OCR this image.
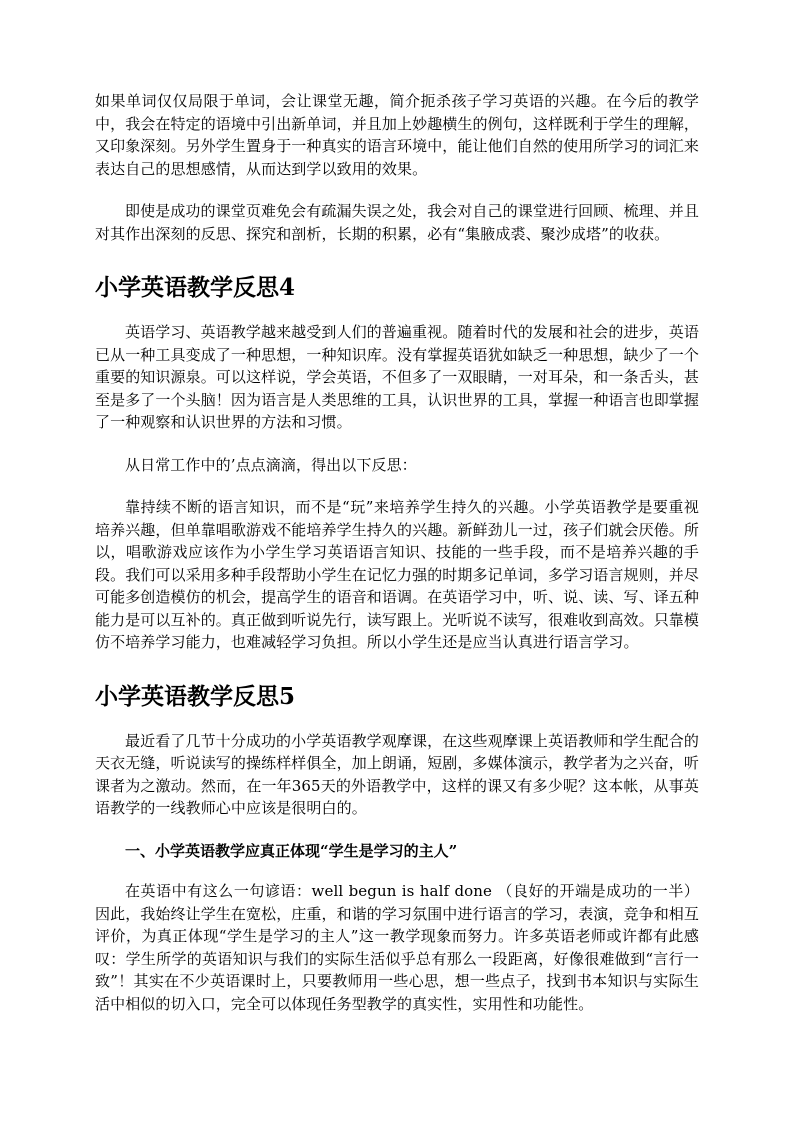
如果单词仅仅局限于单词，会让课堂无趣，简介扼杀孩子学习英语的兴趣。在今后的教学中，我会在特定的语境中引出新单词，并且加上妙趣横生的例句，这样既利于学生的理解，又印象深刻。另外学生置身于一种真实的语言环境中，能让他们自然的使用所学习的词汇来表达自己的思想感情，从而达到学以致用的效果。

即使是成功的课堂页难免会有疏漏失误之处，我会对自己的课堂进行回顾、梳理、并且对其作出深刻的反思、探究和剖析，长期的积累，必有“集腋成裘、聚沙成塔”的收获。

小学英语教学反思4

英语学习、英语教学越来越受到人们的普遍重视。随着时代的发展和社会的进步，英语已从一种工具变成了一种思想，一种知识库。没有掌握英语犹如缺乏一种思想，缺少了一个重要的知识源泉。可以这样说，学会英语，不但多了一双眼睛，一对耳朵，和一条舌头，甚至是多了一个头脑！因为语言是人类思维的工具，认识世界的工具，掌握一种语言也即掌握了一种观察和认识世界的方法和习惯。

从日常工作中的’点点滴滴，得出以下反思：

靠持续不断的语言知识，而不是“玩”来培养学生持久的兴趣。小学英语教学是要重视培养兴趣，但单靠唱歌游戏不能培养学生持久的兴趣。新鲜劲儿一过，孩子们就会厌倦。所以，唱歌游戏应该作为小学生学习英语语言知识、技能的一些手段，而不是培养兴趣的手段。我们可以采用多种手段帮助小学生在记忆力强的时期多记单词，多学习语言规则，并尽可能多创造模仿的机会，提高学生的语音和语调。在英语学习中，听、说、读、写、译五种能力是可以互补的。真正做到听说先行，读写跟上。光听说不读写，很难收到高效。只靠模仿不培养学习能力，也难减轻学习负担。所以小学生还是应当认真进行语言学习。

小学英语教学反思5

最近看了几节十分成功的小学英语教学观摩课，在这些观摩课上英语教师和学生配合的天衣无缝，听说读写的操练样样俱全，加上朗诵，短剧，多媒体演示，教学者为之兴奋，听课者为之激动。然而，在一年365天的外语教学中，这样的课又有多少呢？这本帐，从事英语教学的一线教师心中应该是很明白的。

一、小学英语教学应真正体现“学生是学习的主人”

在英语中有这么一句谚语：well begun is half done （良好的开端是成功的一半）因此，我始终让学生在宽松，庄重，和谐的学习氛围中进行语言的学习，表演，竞争和相互评价，为真正体现“学生是学习的主人”这一教学现象而努力。许多英语老师或许都有此感叹：学生所学的英语知识与我们的实际生活似乎总有那么一段距离，好像很难做到“言行一致”！其实在不少英语课时上，只要教师用一些心思，想一些点子，找到书本知识与实际生活中相似的切入口，完全可以体现任务型教学的真实性，实用性和功能性。
